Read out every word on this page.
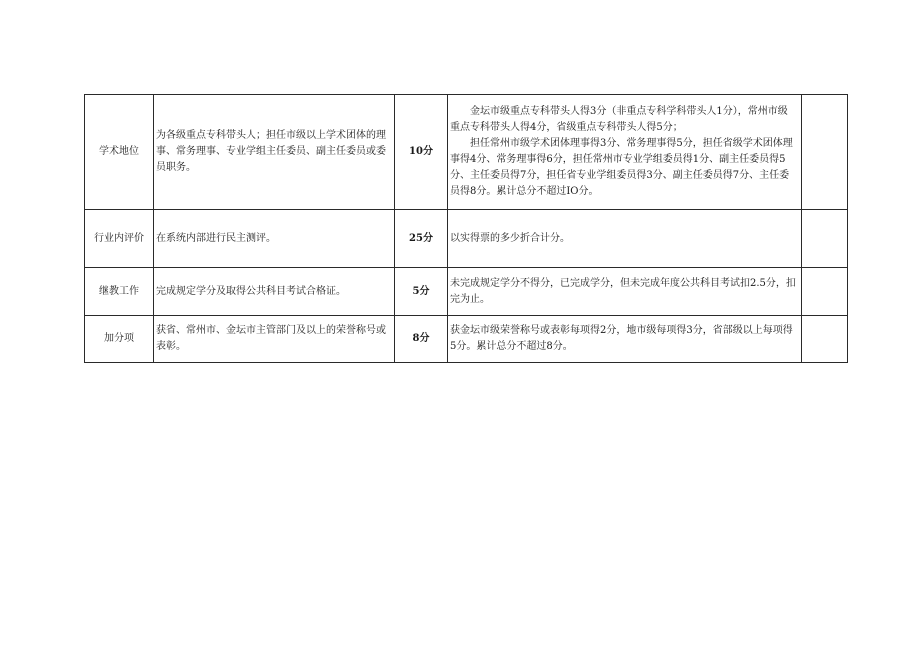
学术地位	为各级重点专科带头人；担任市级以上学术团体的理事、常务理事、专业学组主任委员、副主任委员或委员职务。	10分	金坛市级重点专科带头人得3分（非重点专科学科带头人1分），常州市级重点专科带头人得4分，省级重点专科带头人得5分；
担任常州市级学术团体理事得3分、常务理事得5分，担任省级学术团体理事得4分、常务理事得6分，担任常州市专业学组委员得1分、副主任委员得5分、主任委员得7分，担任省专业学组委员得3分、副主任委员得7分、主任委员得8分。累计总分不超过IO分。	

行业内评价	在系统内部进行民主测评。	25分	以实得票的多少折合计分。	

继教工作	完成规定学分及取得公共科目考试合格证。	5分	未完成规定学分不得分，已完成学分，但未完成年度公共科目考试扣2.5分，扣完为止。	

加分项	获省、常州市、金坛市主管部门及以上的荣誉称号或表彰。	8分	获金坛市级荣誉称号或表彰每项得2分，地市级每项得3分，省部级以上每项得5分。累计总分不超过8分。	
